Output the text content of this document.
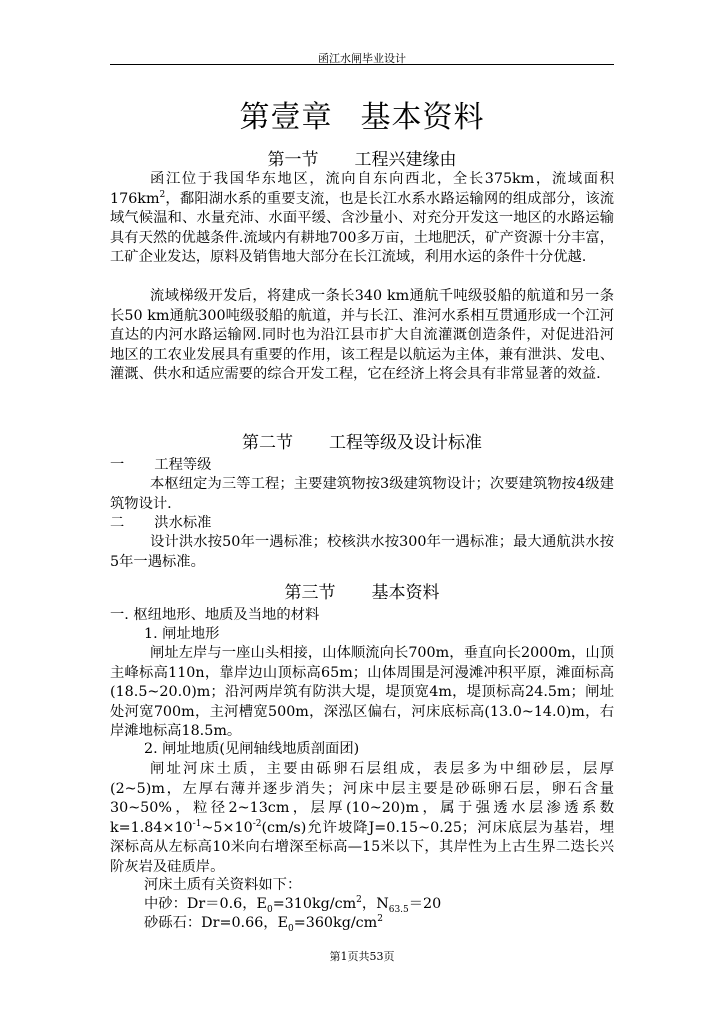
函江水闸毕业设计
第壹章 基本资料
第一节 工程兴建缘由

函江位于我国华东地区，流向自东向西北，全长375km，流域面积$176km^2$，鄱阳湖水系的重要支流，也是长江水系水路运输网的组成部分，该流域气候温和、水量充沛、水面平缓、含沙量小、对充分开发这一地区的水路运输具有天然的优越条件.流域内有耕地700多万亩，土地肥沃，矿产资源十分丰富，工矿企业发达，原料及销售地大部分在长江流域，利用水运的条件十分优越.

流域梯级开发后，将建成一条长340 km通航千吨级驳船的航道和另一条长50 km通航300吨级驳船的航道，并与长江、淮河水系相互贯通形成一个江河直达的内河水路运输网.同时也为沿江县市扩大自流灌溉创造条件，对促进沿河地区的工农业发展具有重要的作用，该工程是以航运为主体，兼有泄洪、发电、灌溉、供水和适应需要的综合开发工程，它在经济上将会具有非常显著的效益.

第二节 工程等级及设计标准

一 工程等级

本枢纽定为三等工程；主要建筑物按3级建筑物设计；次要建筑物按4级建筑物设计.

二 洪水标准

设计洪水按50年一遇标准；校核洪水按300年一遇标准；最大通航洪水按5年一遇标准。

第三节 基本资料

一. 枢纽地形、地质及当地的材料

1. 闸址地形

闸址左岸与一座山头相接，山体顺流向长700m，垂直向长2000m，山顶主峰标高110n，靠岸边山顶标高65m；山体周围是河漫滩冲积平原，滩面标高(18.5~20.0)m；沿河两岸筑有防洪大堤，堤顶宽4m，堤顶标高24.5m；闸址处河宽700m，主河槽宽500m，深泓区偏右，河床底标高(13.0~14.0)m，右岸滩地标高18.5m。

2. 闸址地质(见闸轴线地质剖面团)

闸址河床土质，主要由砾卵石层组成，表层多为中细砂层，层厚(2~5)m，左厚右薄并逐步消失；河床中层主要是砂砾卵石层，卵石含量30~50%，粒径2~13cm，层厚(10~20)m，属于强透水层渗透系数$k=1.84\times 10^{-1}\sim 5\times 10^{-2}(cm/s)$允许坡降J=0.15~0.25；河床底层为基岩，埋深标高从左标高10米向右增深至标高—15米以下，其岸性为上古生界二迭长兴阶灰岩及硅质岸。

河床土质有关资料如下：

中砂：Dr＝0.6，$E_0=310kg/cm^2$，$N_{63.5}=20$

砂砾石：Dr=0.66，$E_0=360kg/cm^2$

第1页共53页
